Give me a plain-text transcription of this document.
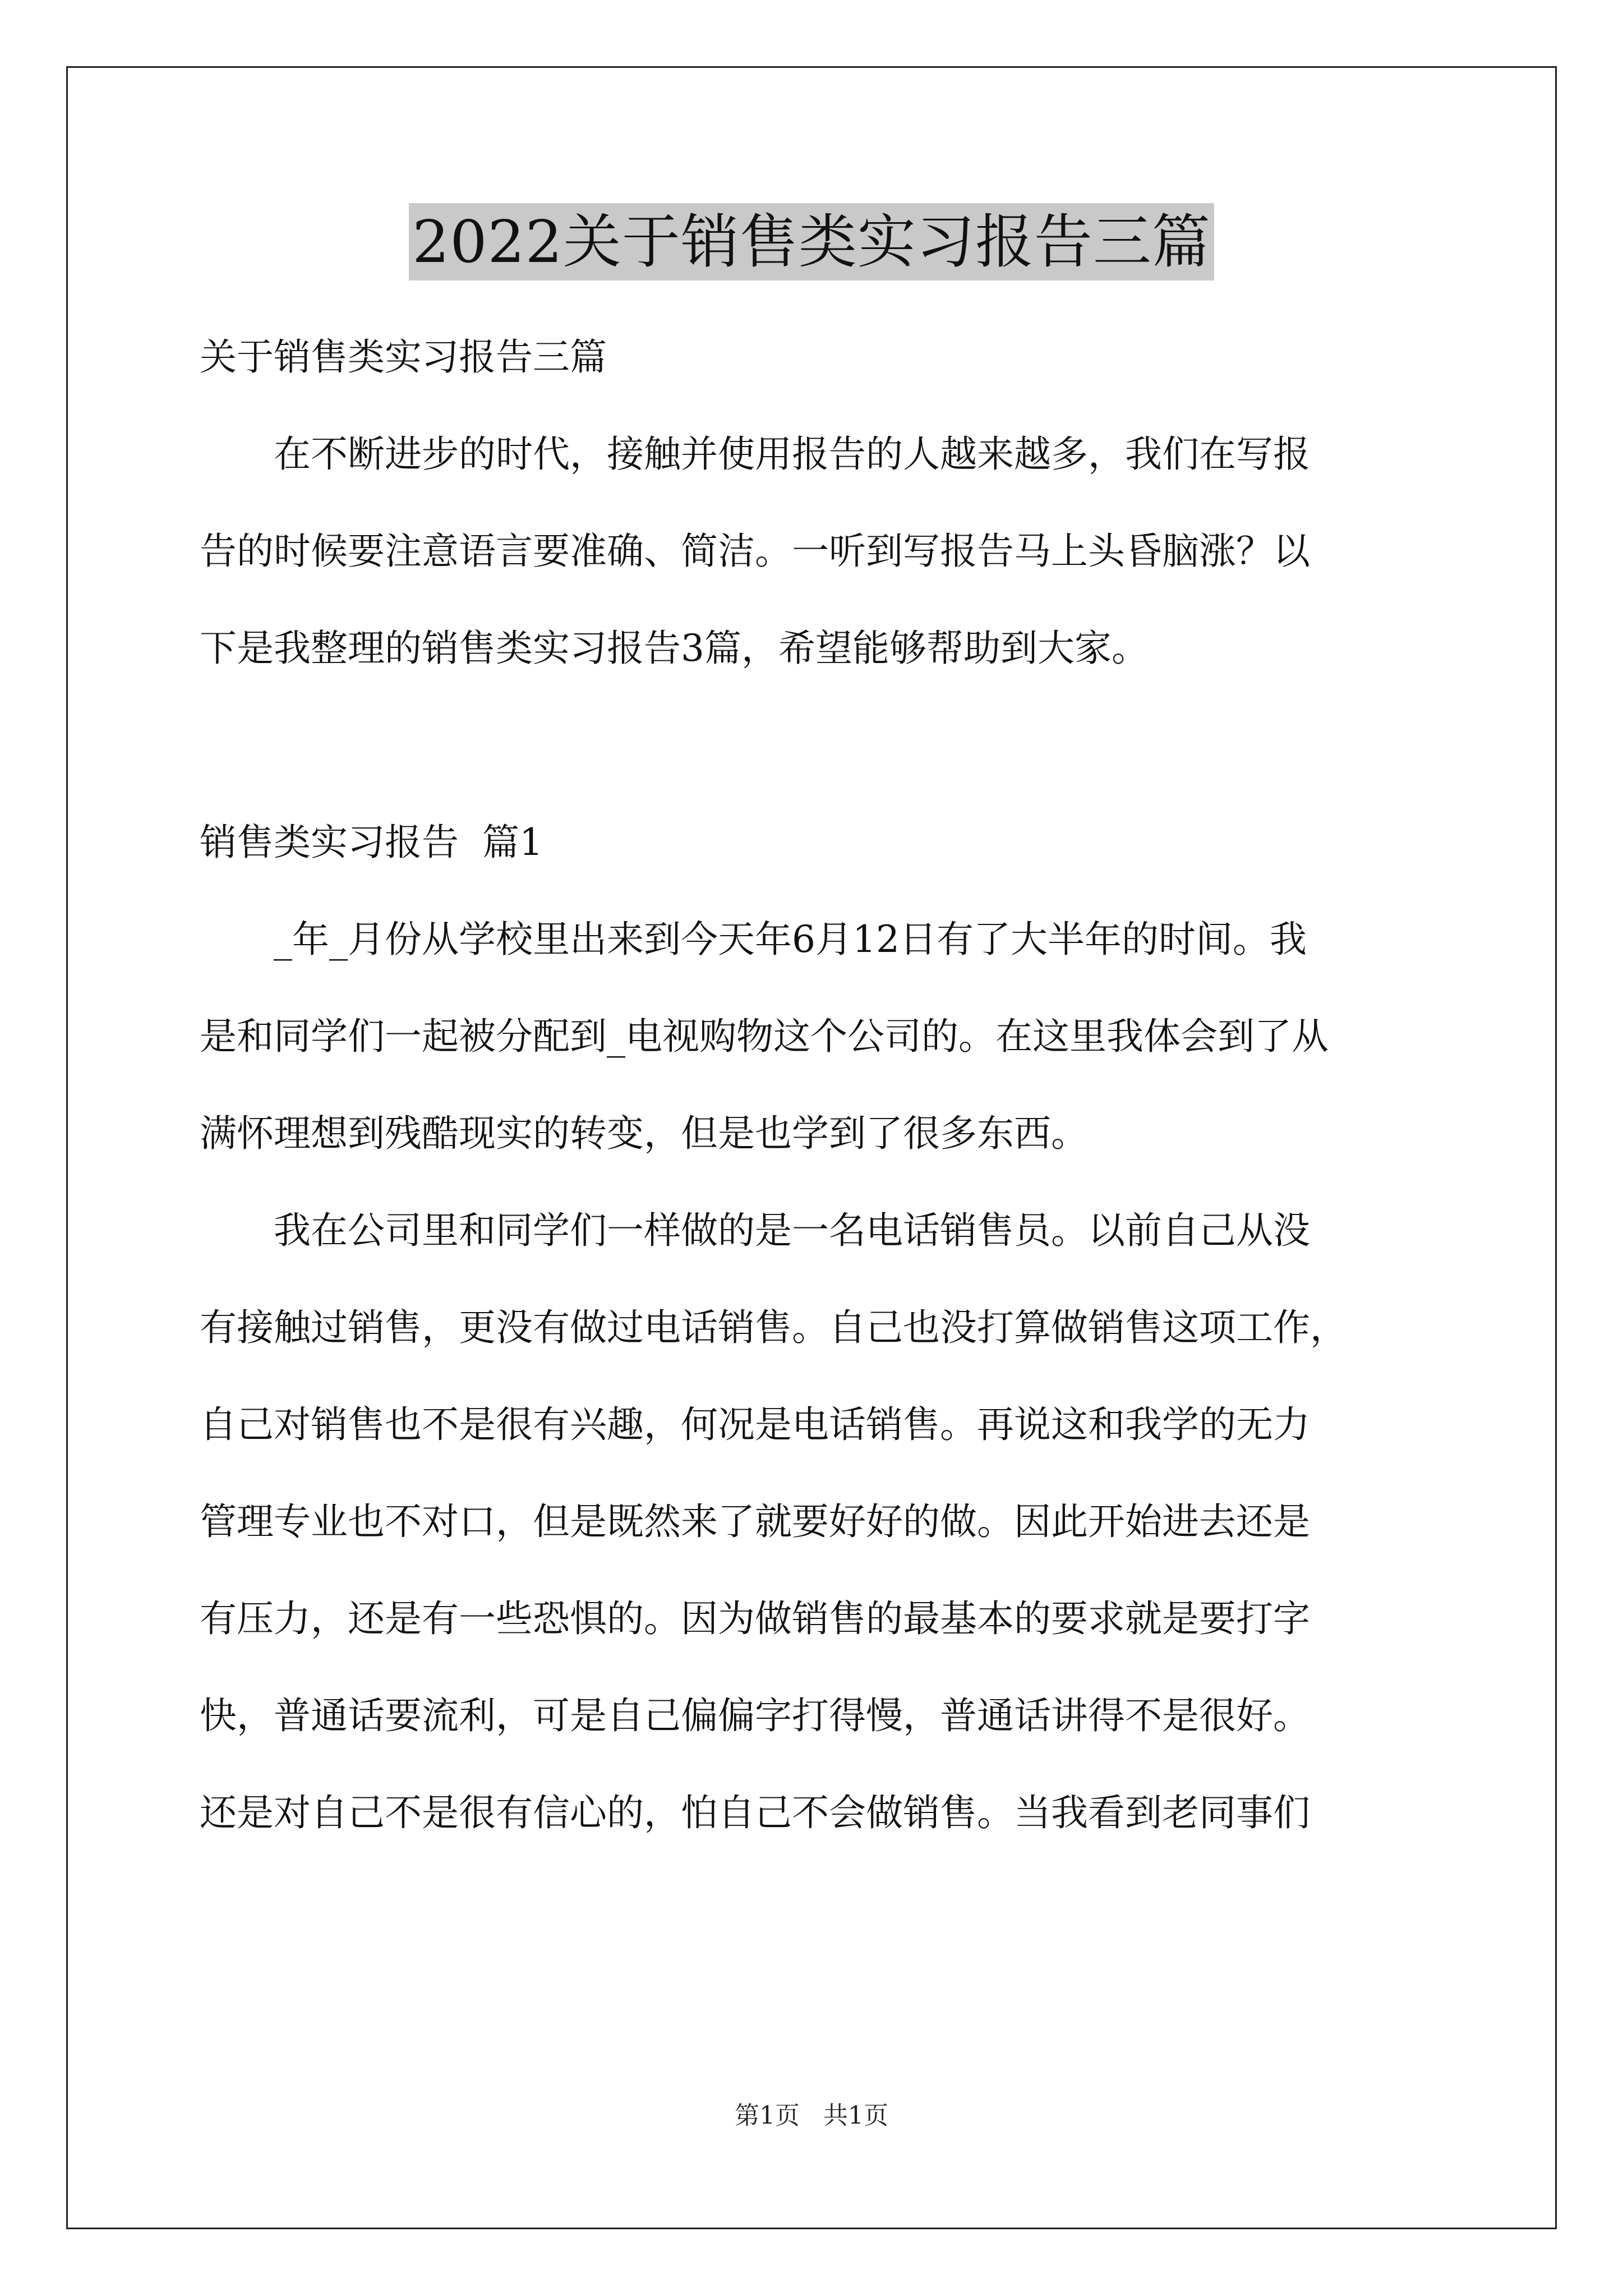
2022关于销售类实习报告三篇
关于销售类实习报告三篇
在不断进步的时代，接触并使用报告的人越来越多，我们在写报
告的时候要注意语言要准确、简洁。一听到写报告马上头昏脑涨？以
下是我整理的销售类实习报告3篇，希望能够帮助到大家。
销售类实习报告  篇1
_年_月份从学校里出来到今天年6月12日有了大半年的时间。我
是和同学们一起被分配到_电视购物这个公司的。在这里我体会到了从
满怀理想到残酷现实的转变，但是也学到了很多东西。
我在公司里和同学们一样做的是一名电话销售员。以前自己从没
有接触过销售，更没有做过电话销售。自己也没打算做销售这项工作，
自己对销售也不是很有兴趣，何况是电话销售。再说这和我学的无力
管理专业也不对口，但是既然来了就要好好的做。因此开始进去还是
有压力，还是有一些恐惧的。因为做销售的最基本的要求就是要打字
快，普通话要流利，可是自己偏偏字打得慢，普通话讲得不是很好。
还是对自己不是很有信心的，怕自己不会做销售。当我看到老同事们
第1页   共1页
